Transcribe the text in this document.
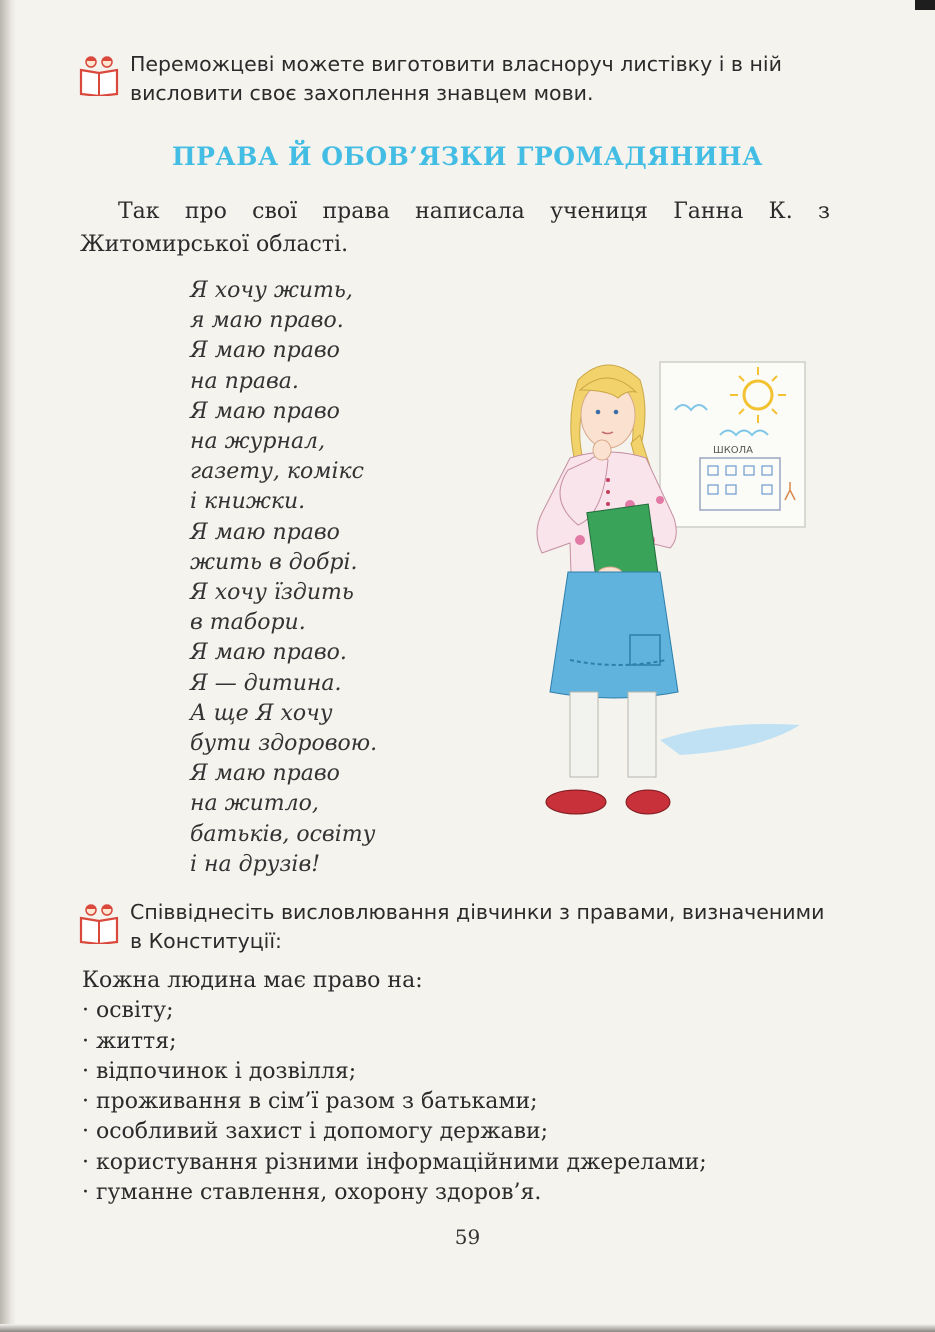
Переможцеві можете виготовити власноруч листівку і в ній висловити своє захоплення знавцем мови.
ПРАВА Й ОБОВ’ЯЗКИ ГРОМАДЯНИНА
Так про свої права написала учениця Ганна К. з Житомирської області.
Я хочу жить,
я маю право.
Я маю право
на права.
Я маю право
на журнал,
газету, комікс
і книжки.
Я маю право
жить в добрі.
Я хочу їздить
в табори.
Я маю право.
Я — дитина.
А ще Я хочу
бути здоровою.
Я маю право
на житло,
батьків, освіту
і на друзів!
ШКОЛА
Співвіднесіть висловлювання дівчинки з правами, визначеними в Конституції:
Кожна людина має право на:
· освіту;
· життя;
· відпочинок і дозвілля;
· проживання в сім’ї разом з батьками;
· особливий захист і допомогу держави;
· користування різними інформаційними джерелами;
· гуманне ставлення, охорону здоров’я.
59
